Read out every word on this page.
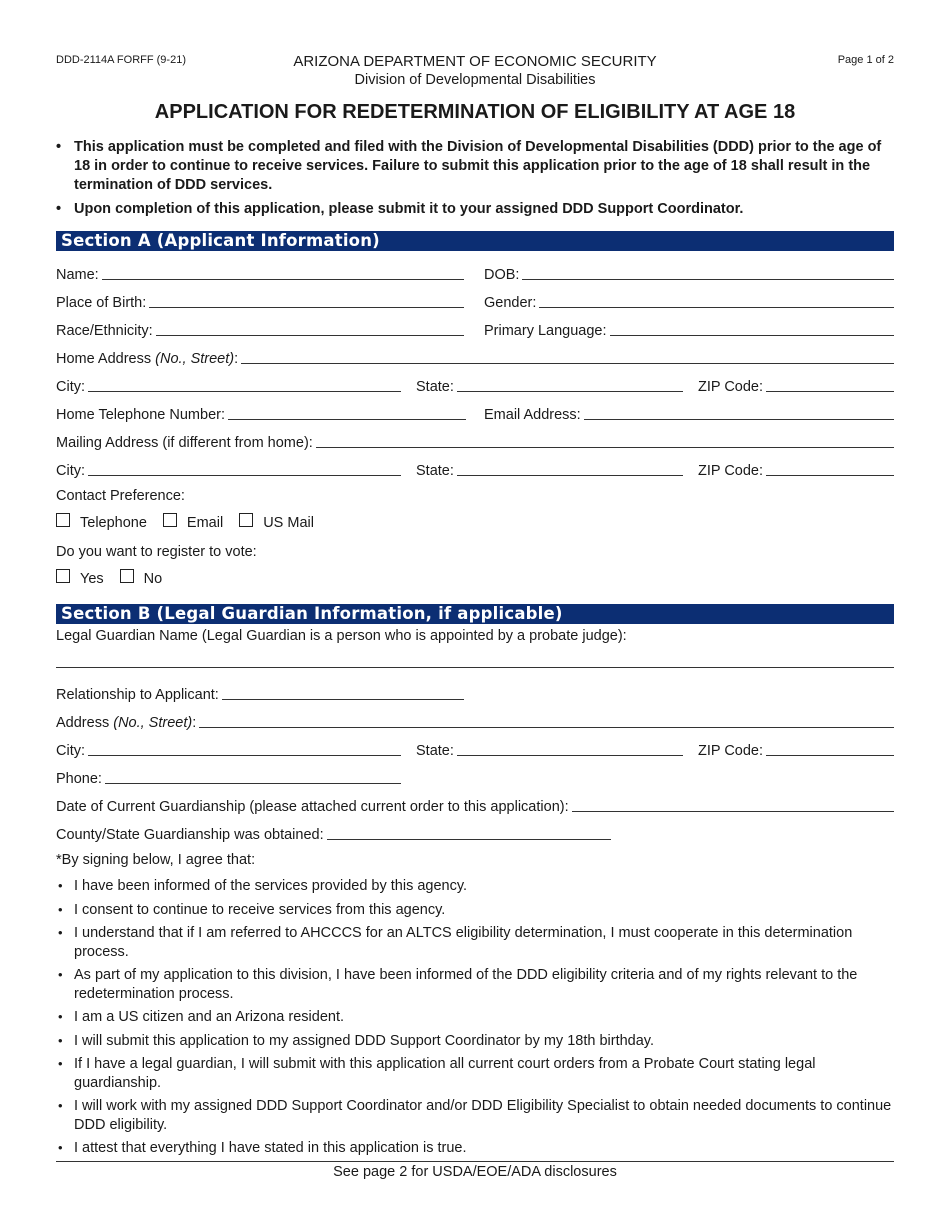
DDD-2114A FORFF (9-21)	ARIZONA DEPARTMENT OF ECONOMIC SECURITY
Division of Developmental Disabilities
Page 1 of 2
APPLICATION FOR REDETERMINATION OF ELIGIBILITY AT AGE 18
• This application must be completed and filed with the Division of Developmental Disabilities (DDD) prior to the age of 18 in order to continue to receive services. Failure to submit this application prior to the age of 18 shall result in the termination of DDD services.
• Upon completion of this application, please submit it to your assigned DDD Support Coordinator.
Section A (Applicant Information)
Name:	DOB:
Place of Birth:	Gender:
Race/Ethnicity:	Primary Language:
Home Address (No., Street):
City:	State:	ZIP Code:
Home Telephone Number:	Email Address:
Mailing Address (if different from home):
City:	State:	ZIP Code:
Contact Preference:
Telephone	Email	US Mail
Do you want to register to vote:
Yes	No
Section B (Legal Guardian Information, if applicable)
Legal Guardian Name (Legal Guardian is a person who is appointed by a probate judge):
Relationship to Applicant:
Address (No., Street):
City:	State:	ZIP Code:
Phone:
Date of Current Guardianship (please attached current order to this application):
County/State Guardianship was obtained:
*By signing below, I agree that:
• I have been informed of the services provided by this agency.
• I consent to continue to receive services from this agency.
• I understand that if I am referred to AHCCCS for an ALTCS eligibility determination, I must cooperate in this determination process.
• As part of my application to this division, I have been informed of the DDD eligibility criteria and of my rights relevant to the redetermination process.
• I am a US citizen and an Arizona resident.
• I will submit this application to my assigned DDD Support Coordinator by my 18th birthday.
• If I have a legal guardian, I will submit with this application all current court orders from a Probate Court stating legal guardianship.
• I will work with my assigned DDD Support Coordinator and/or DDD Eligibility Specialist to obtain needed documents to continue DDD eligibility.
• I attest that everything I have stated in this application is true.
See page 2 for USDA/EOE/ADA disclosures
